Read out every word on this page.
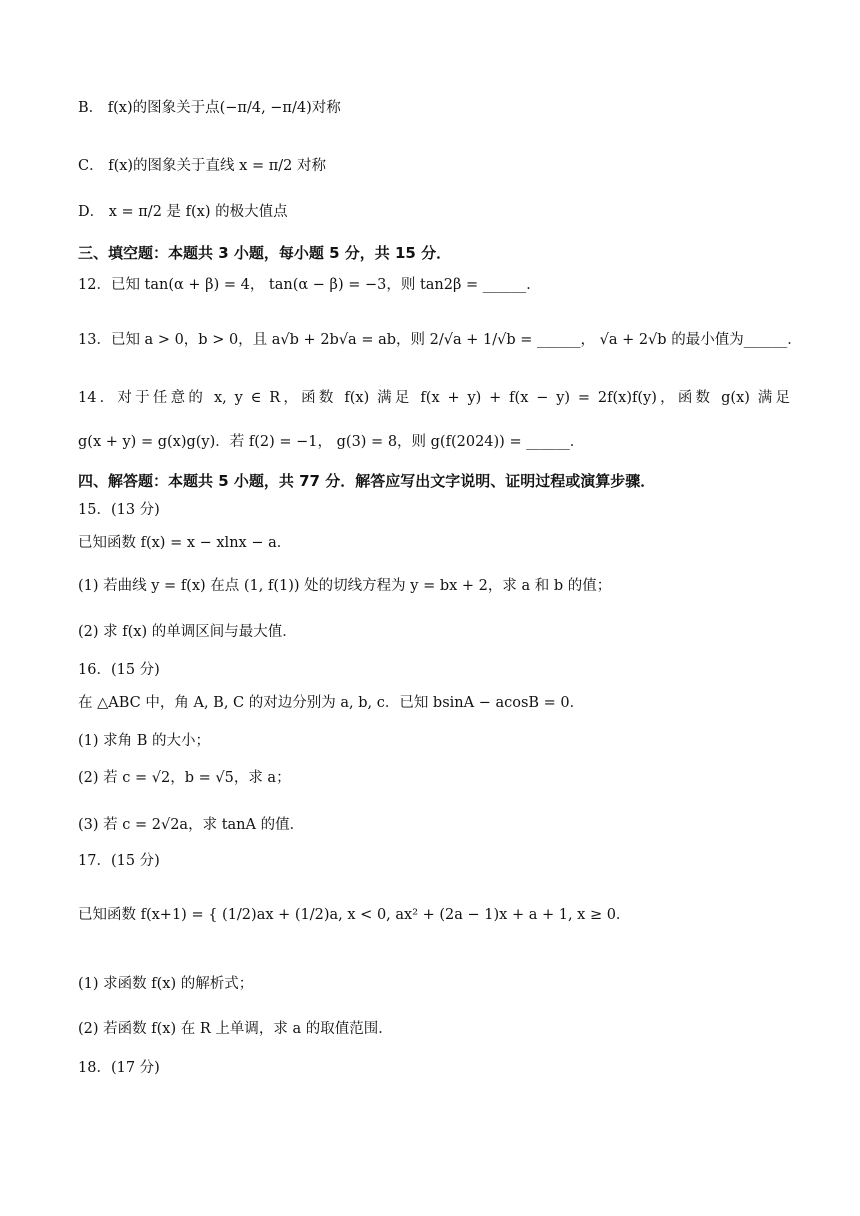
B． f(x)的图象关于点(−π/4, −π/4)对称
C． f(x)的图象关于直线 x = π/2 对称
D． x = π/2 是 f(x) 的极大值点
三、填空题：本题共 3 小题，每小题 5 分，共 15 分．
12．已知 tan(α + β) = 4， tan(α − β) = −3，则 tan2β = ______．
13．已知 a > 0，b > 0，且 a√b + 2b√a = ab，则 2/√a + 1/√b = ______， √a + 2√b 的最小值为______．
14．对于任意的 x, y ∈ R，函数 f(x) 满足 f(x + y) + f(x − y) = 2f(x)f(y)，函数 g(x) 满足
g(x + y) = g(x)g(y)．若 f(2) = −1， g(3) = 8，则 g(f(2024)) = ______．
四、解答题：本题共 5 小题，共 77 分．解答应写出文字说明、证明过程或演算步骤．
15．(13 分)
已知函数 f(x) = x − xlnx − a．
(1) 若曲线 y = f(x) 在点 (1, f(1)) 处的切线方程为 y = bx + 2，求 a 和 b 的值；
(2) 求 f(x) 的单调区间与最大值．
16．(15 分)
在 △ABC 中，角 A, B, C 的对边分别为 a, b, c．已知 bsinA − acosB = 0．
(1) 求角 B 的大小；
(2) 若 c = √2，b = √5，求 a；
(3) 若 c = 2√2a，求 tanA 的值．
17．(15 分)
已知函数 f(x+1) = { (1/2)ax + (1/2)a, x < 0, ax² + (2a − 1)x + a + 1, x ≥ 0．
(1) 求函数 f(x) 的解析式；
(2) 若函数 f(x) 在 R 上单调，求 a 的取值范围．
18．(17 分)
